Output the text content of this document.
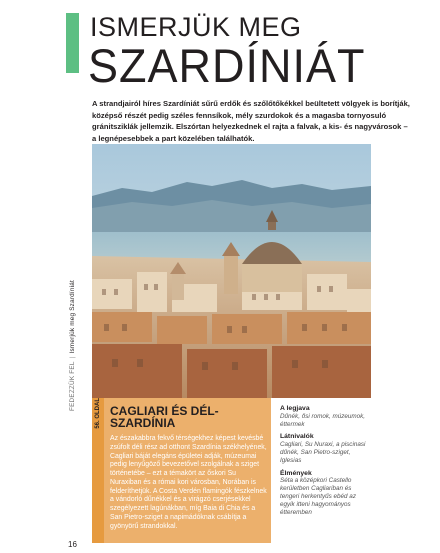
FEDEZZÜK FEL|Ismerjük meg Szardíniát
ISMERJÜK MEG
SZARDÍNIÁT
A strandjairól híres Szardíniát sűrű erdők és szőlőtőkékkel beültetett völgyek is borítják, középső részét pedig széles fennsíkok, mély szurdokok és a magasba tornyosuló gránitsziklák jellemzik. Elszórtan helyezkednek el rajta a falvak, a kis- és nagyvárosok – a legnépesebbek a part közelében találhatók.
56. OLDAL CAGLIARI ÉS DÉL-SZARDÍNIA
Az északabbra fekvő térségekhez képest kevésbé zsúfolt déli rész ad otthont Szardínia székhelyének, Cagliari báját elegáns épületei adják, múzeumai pedig lenyűgöző bevezetővel szolgálnak a sziget történetébe – ezt a témakört az őskori Su Nuraxiban és a római kori városban, Norában is felderíthetjük. A Costa Verdén flamingók fészkelnek a vándorló dűnékkel és a virágzó cserjésekkel szegélyezett lagúnákban, míg Baia di Chia és a San Pietro-sziget a napimádóknak csábítja a gyönyörű strandokkal.
A legjava
Dűnék, ősi romok, múzeumok, éttermek
Látnivalók
Cagliari, Su Nuraxi, a piscinasi dűnék, San Pietro-sziget, Iglesias
Élmények
Séta a középkori Castello kerületben Cagliariban és tengeri herkentyűs ebéd az egyik itteni hagyományos étteremben
16
